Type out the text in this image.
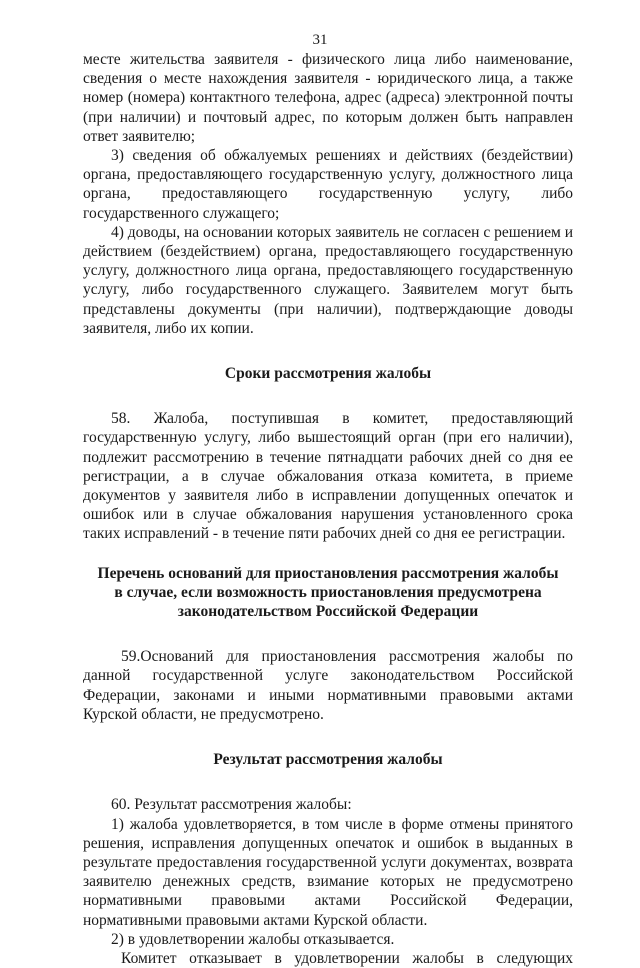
31

месте жительства заявителя - физического лица либо наименование, сведения о месте нахождения заявителя - юридического лица, а также номер (номера) контактного телефона, адрес (адреса) электронной почты (при наличии) и почтовый адрес, по которым должен быть направлен ответ заявителю;

3) сведения об обжалуемых решениях и действиях (бездействии) органа, предоставляющего государственную услугу, должностного лица органа, предоставляющего государственную услугу, либо государственного служащего;

4) доводы, на основании которых заявитель не согласен с решением и действием (бездействием) органа, предоставляющего государственную услугу, должностного лица органа, предоставляющего государственную услугу, либо государственного служащего. Заявителем могут быть представлены документы (при наличии), подтверждающие доводы заявителя, либо их копии.

Сроки рассмотрения жалобы

58. Жалоба, поступившая в комитет, предоставляющий государственную услугу, либо вышестоящий орган (при его наличии), подлежит рассмотрению в течение пятнадцати рабочих дней со дня ее регистрации, а в случае обжалования отказа комитета, в приеме документов у заявителя либо в исправлении допущенных опечаток и ошибок или в случае обжалования нарушения установленного срока таких исправлений - в течение пяти рабочих дней со дня ее регистрации.

Перечень оснований для приостановления рассмотрения жалобы
в случае, если возможность приостановления предусмотрена
законодательством Российской Федерации

59.Оснований для приостановления рассмотрения жалобы по данной государственной услуге законодательством Российской Федерации, законами и иными нормативными правовыми актами Курской области, не предусмотрено.

Результат рассмотрения жалобы

60. Результат рассмотрения жалобы:

1) жалоба удовлетворяется, в том числе в форме отмены принятого решения, исправления допущенных опечаток и ошибок в выданных в результате предоставления государственной услуги документах, возврата заявителю денежных средств, взимание которых не предусмотрено нормативными правовыми актами Российской Федерации, нормативными правовыми актами Курской области.

2) в удовлетворении жалобы отказывается.

Комитет отказывает в удовлетворении жалобы в следующих
